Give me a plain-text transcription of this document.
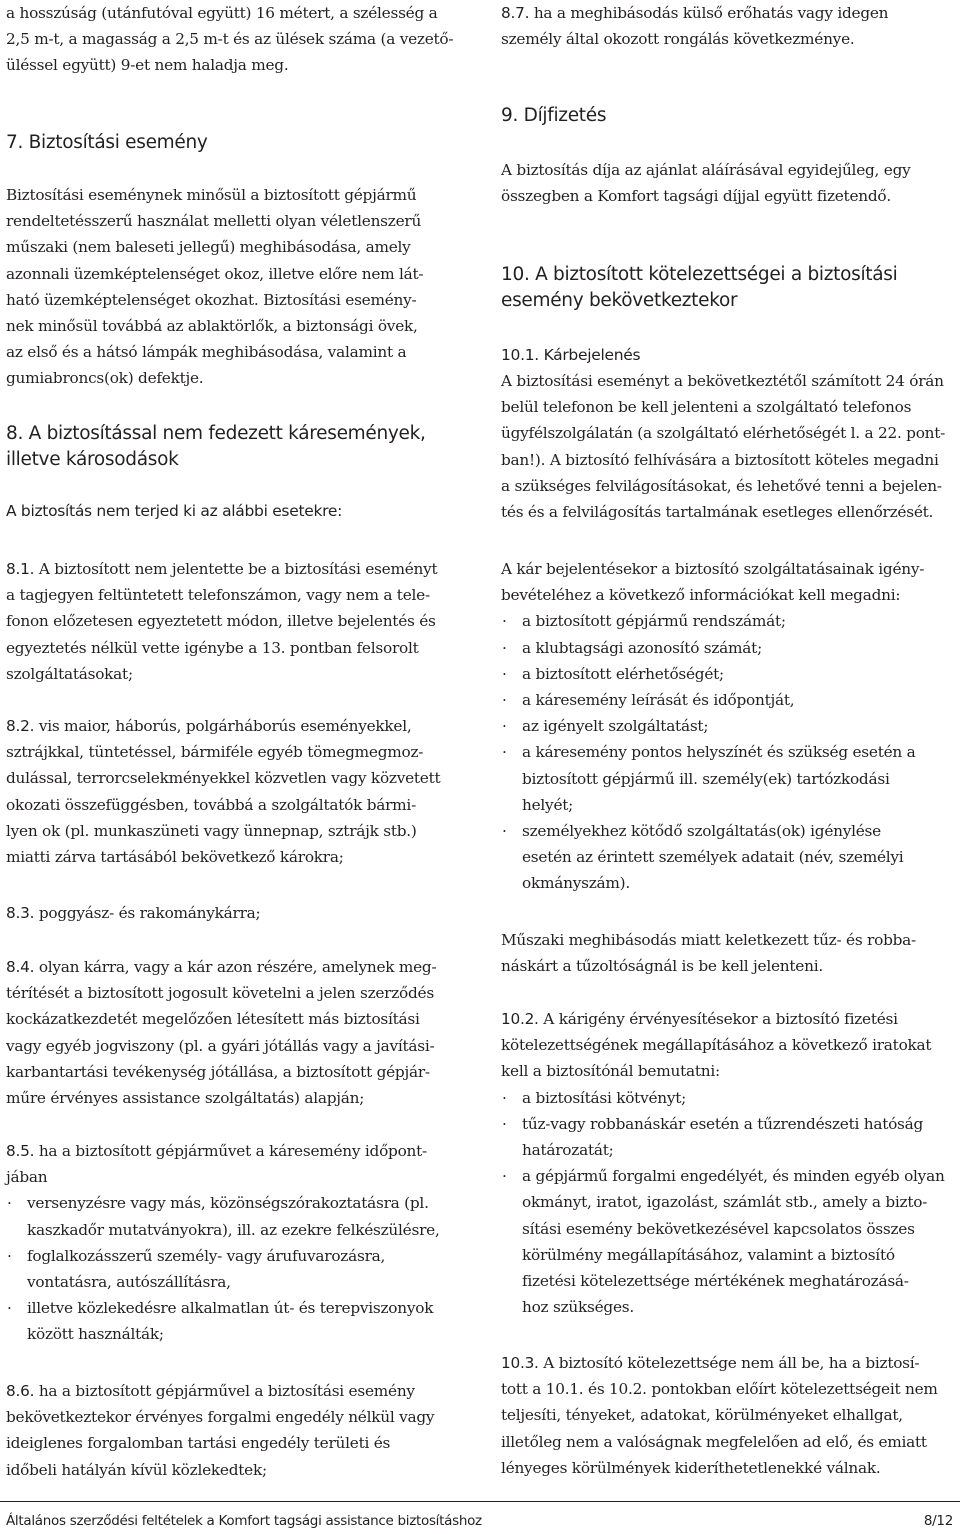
a hosszúság (utánfutóval együtt) 16 métert, a szélesség a

2,5 m-t, a magasság a 2,5 m-t és az ülések száma (a vezető-

üléssel együtt) 9-et nem haladja meg.

7. Biztosítási esemény

Biztosítási eseménynek minősül a biztosított gépjármű

rendeltetésszerű használat melletti olyan véletlenszerű

műszaki (nem baleseti jellegű) meghibásodása, amely

azonnali üzemképtelenséget okoz, illetve előre nem lát-

ható üzemképtelenséget okozhat. Biztosítási esemény-

nek minősül továbbá az ablaktörlők, a biztonsági övek,

az első és a hátsó lámpák meghibásodása, valamint a

gumiabroncs(ok) defektje.

8. A biztosítással nem fedezett káresemények,
illetve károsodások

A biztosítás nem terjed ki az alábbi esetekre:

8.1. A biztosított nem jelentette be a biztosítási eseményt

a tagjegyen feltüntetett telefonszámon, vagy nem a tele-

fonon előzetesen egyeztetett módon, illetve bejelentés és

egyeztetés nélkül vette igénybe a 13. pontban felsorolt

szolgáltatásokat;

8.2. vis maior, háborús, polgárháborús eseményekkel,

sztrájkkal, tüntetéssel, bármiféle egyéb tömegmegmoz-

dulással, terrorcselekményekkel közvetlen vagy közvetett

okozati összefüggésben, továbbá a szolgáltatók bármi-

lyen ok (pl. munkaszüneti vagy ünnepnap, sztrájk stb.)

miatti zárva tartásából bekövetkező károkra;

8.3. poggyász- és rakománykárra;

8.4. olyan kárra, vagy a kár azon részére, amelynek meg-

térítését a biztosított jogosult követelni a jelen szerződés

kockázatkezdetét megelőzően létesített más biztosítási

vagy egyéb jogviszony (pl. a gyári jótállás vagy a javítási-

karbantartási tevékenység jótállása, a biztosított gépjár-

műre érvényes assistance szolgáltatás) alapján;

8.5. ha a biztosított gépjárművet a káresemény időpont-

jában

· versenyzésre vagy más, közönségszórakoztatásra (pl.
kaszkadőr mutatványokra), ill. az ezekre felkészülésre,
· foglalkozásszerű személy- vagy árufuvarozásra,
vontatásra, autószállításra,
· illetve közlekedésre alkalmatlan út- és terepviszonyok
között használták;

8.6. ha a biztosított gépjárművel a biztosítási esemény

bekövetkeztekor érvényes forgalmi engedély nélkül vagy

ideiglenes forgalomban tartási engedély területi és

időbeli hatályán kívül közlekedtek;

8.7. ha a meghibásodás külső erőhatás vagy idegen

személy által okozott rongálás következménye.

9. Díjfizetés

A biztosítás díja az ajánlat aláírásával egyidejűleg, egy

összegben a Komfort tagsági díjjal együtt fizetendő.

10. A biztosított kötelezettségei a biztosítási
esemény bekövetkeztekor

10.1. Kárbejelenés

A biztosítási eseményt a bekövetkeztétől számított 24 órán

belül telefonon be kell jelenteni a szolgáltató telefonos

ügyfélszolgálatán (a szolgáltató elérhetőségét l. a 22. pont-

ban!). A biztosító felhívására a biztosított köteles megadni

a szükséges felvilágosításokat, és lehetővé tenni a bejelen-

tés és a felvilágosítás tartalmának esetleges ellenőrzését.

A kár bejelentésekor a biztosító szolgáltatásainak igény-

bevételéhez a következő információkat kell megadni:

· a biztosított gépjármű rendszámát;
· a klubtagsági azonosító számát;
· a biztosított elérhetőségét;
· a káresemény leírását és időpontját,
· az igényelt szolgáltatást;
· a káresemény pontos helyszínét és szükség esetén a
biztosított gépjármű ill. személy(ek) tartózkodási
helyét;
· személyekhez kötődő szolgáltatás(ok) igénylése
esetén az érintett személyek adatait (név, személyi
okmányszám).

Műszaki meghibásodás miatt keletkezett tűz- és robba-

náskárt a tűzoltóságnál is be kell jelenteni.

10.2. A kárigény érvényesítésekor a biztosító fizetési

kötelezettségének megállapításához a következő iratokat

kell a biztosítónál bemutatni:

· a biztosítási kötvényt;
· tűz-vagy robbanáskár esetén a tűzrendészeti hatóság
határozatát;
· a gépjármű forgalmi engedélyét, és minden egyéb olyan
okmányt, iratot, igazolást, számlát stb., amely a bizto-
sítási esemény bekövetkezésével kapcsolatos összes
körülmény megállapításához, valamint a biztosító
fizetési kötelezettsége mértékének meghatározásá-
hoz szükséges.

10.3. A biztosító kötelezettsége nem áll be, ha a biztosí-

tott a 10.1. és 10.2. pontokban előírt kötelezettségeit nem

teljesíti, tényeket, adatokat, körülményeket elhallgat,

illetőleg nem a valóságnak megfelelően ad elő, és emiatt

lényeges körülmények kideríthetetlenekké válnak.

Általános szerződési feltételek a Komfort tagsági assistance biztosításhoz	8/12
